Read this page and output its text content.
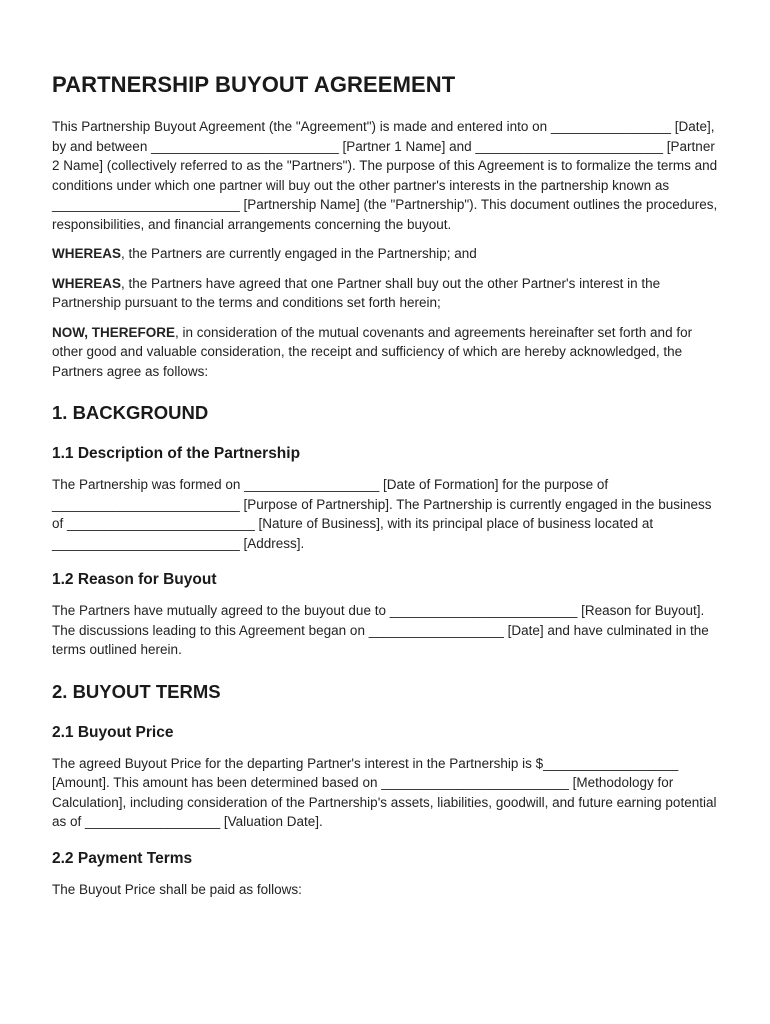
PARTNERSHIP BUYOUT AGREEMENT

This Partnership Buyout Agreement (the "Agreement") is made and entered into on ________________ [Date], by and between _________________________ [Partner 1 Name] and _________________________ [Partner 2 Name] (collectively referred to as the "Partners"). The purpose of this Agreement is to formalize the terms and conditions under which one partner will buy out the other partner's interests in the partnership known as _________________________ [Partnership Name] (the "Partnership"). This document outlines the procedures, responsibilities, and financial arrangements concerning the buyout.

WHEREAS, the Partners are currently engaged in the Partnership; and

WHEREAS, the Partners have agreed that one Partner shall buy out the other Partner's interest in the Partnership pursuant to the terms and conditions set forth herein;

NOW, THEREFORE, in consideration of the mutual covenants and agreements hereinafter set forth and for other good and valuable consideration, the receipt and sufficiency of which are hereby acknowledged, the Partners agree as follows:

1. BACKGROUND
1.1 Description of the Partnership

The Partnership was formed on __________________ [Date of Formation] for the purpose of _________________________ [Purpose of Partnership]. The Partnership is currently engaged in the business of _________________________ [Nature of Business], with its principal place of business located at _________________________ [Address].

1.2 Reason for Buyout

The Partners have mutually agreed to the buyout due to _________________________ [Reason for Buyout]. The discussions leading to this Agreement began on __________________ [Date] and have culminated in the terms outlined herein.

2. BUYOUT TERMS
2.1 Buyout Price

The agreed Buyout Price for the departing Partner's interest in the Partnership is $__________________ [Amount]. This amount has been determined based on _________________________ [Methodology for Calculation], including consideration of the Partnership's assets, liabilities, goodwill, and future earning potential as of __________________ [Valuation Date].

2.2 Payment Terms

The Buyout Price shall be paid as follows:
